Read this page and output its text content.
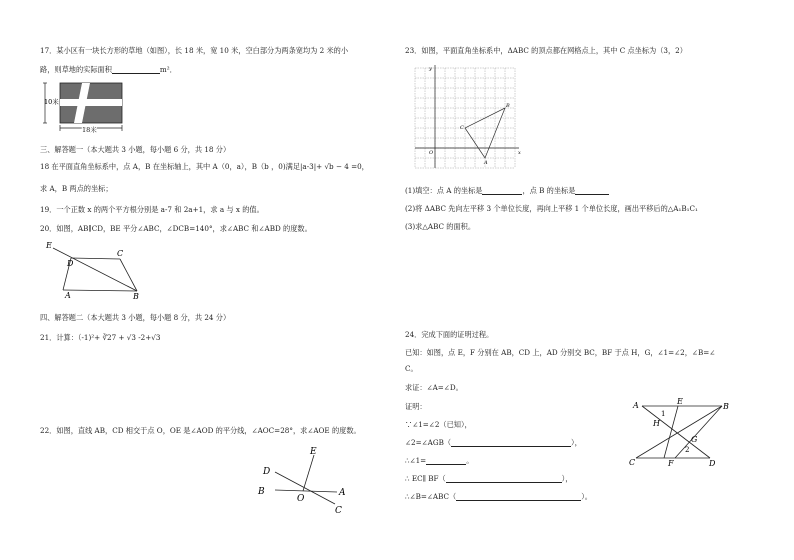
17．某小区有一块长方形的草地（如图），长 18 米，宽 10 米，空白部分为两条宽均为 2 米的小
路，则草地的实际面积	m²．
10米
18米
三、解答题一（本大题共 3 小题，每小题 6 分，共 18 分）
18 在平面直角坐标系中，点 A，B 在坐标轴上，其中 A（0，a），B（b ，0)满足|a-3|+ √b − 4 =0，
求 A，B 两点的坐标；
19．一个正数 x 的两个平方根分别是 a-7 和 2a+1，求 a 与 x 的值。
20．如图，AB∥CD，BE 平分∠ABC，∠DCB=140°，求∠ABC 和∠ABD 的度数。
E
D
C
A	B
四、解答题二（本大题共 3 小题，每小题 8 分，共 24 分）
21．计算：（-1)²+ ∛27 + √3 -2+√3
22．如图，直线 AB，CD 相交于点 O，OE 是∠AOD 的平分线，∠AOC=28°，求∠AOE 的度数。
E
D
B
O
A
C
23．如图，平面直角坐标系中，ΔABC 的顶点都在网格点上，其中 C 点坐标为（3，2）
y
x
O
A
B
C
(1)填空：点 A 的坐标是	，点 B 的坐标是
(2)将 ΔABC 先向左平移 3 个单位长度，再向上平移 1 个单位长度，画出平移后的△A₁B₁C₁
(3)求△ABC 的面积。
24．完成下面的证明过程。
已知：如图，点 E，F 分别在 AB，CD 上，AD 分别交 BC，BF 于点 H，G，∠1=∠2，∠B=∠
C。
求证：∠A=∠D。
证明：
∵∠1=∠2（已知），
∠2=∠AGB（	），
∴∠1=	。
∴ EC∥ BF（	），
∴∠B=∠ABC（	）。
A	E
B
1
H
G
2
C	F	D
